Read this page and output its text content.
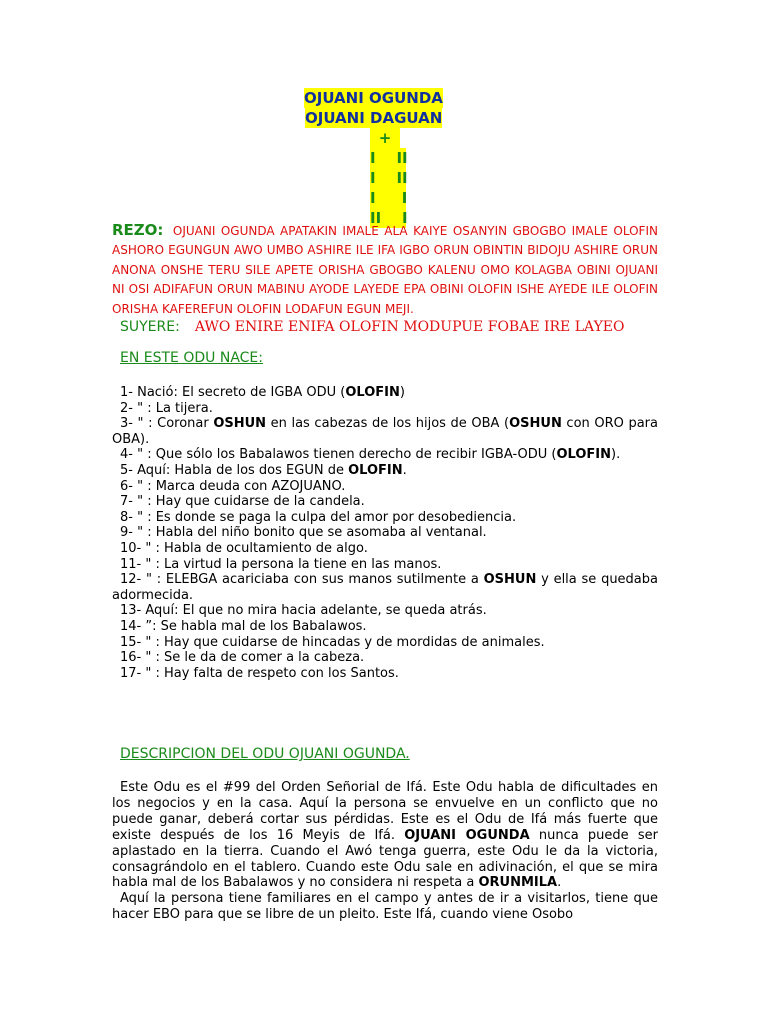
OJUANI OGUNDA
OJUANI DAGUAN
+
I    II
I    II
I     I
II    I
REZO: OJUANI OGUNDA APATAKIN IMALE ALA KAIYE OSANYIN GBOGBO IMALE OLOFIN ASHORO EGUNGUN AWO UMBO ASHIRE ILE IFA IGBO ORUN OBINTIN BIDOJU ASHIRE ORUN ANONA ONSHE TERU SILE APETE ORISHA GBOGBO KALENU OMO KOLAGBA OBINI OJUANI NI OSI ADIFAFUN ORUN MABINU AYODE LAYEDE EPA OBINI OLOFIN ISHE AYEDE ILE OLOFIN ORISHA KAFEREFUN OLOFIN LODAFUN EGUN MEJI.
SUYERE: AWO ENIRE ENIFA OLOFIN MODUPUE FOBAE IRE LAYEO
EN ESTE ODU NACE:
1- Nació: El secreto de IGBA ODU (OLOFIN)
2- " : La tijera.
3- " : Coronar OSHUN en las cabezas de los hijos de OBA (OSHUN con ORO para OBA).
4- " : Que sólo los Babalawos tienen derecho de recibir IGBA-ODU (OLOFIN).
5- Aquí: Habla de los dos EGUN de OLOFIN.
6- " : Marca deuda con AZOJUANO.
7- " : Hay que cuidarse de la candela.
8- " : Es donde se paga la culpa del amor por desobediencia.
9- " : Habla del niño bonito que se asomaba al ventanal.
10- " : Habla de ocultamiento de algo.
11- " : La virtud la persona la tiene en las manos.
12- " : ELEBGA acariciaba con sus manos sutilmente a OSHUN y ella se quedaba adormecida.
13- Aquí: El que no mira hacia adelante, se queda atrás.
14- ”: Se habla mal de los Babalawos.
15- " : Hay que cuidarse de hincadas y de mordidas de animales.
16- " : Se le da de comer a la cabeza.
17- " : Hay falta de respeto con los Santos.
DESCRIPCION DEL ODU OJUANI OGUNDA.
Este Odu es el #99 del Orden Señorial de Ifá. Este Odu habla de dificultades en los negocios y en la casa. Aquí la persona se envuelve en un conflicto que no puede ganar, deberá cortar sus pérdidas. Este es el Odu de Ifá más fuerte que existe después de los 16 Meyis de Ifá. OJUANI OGUNDA nunca puede ser aplastado en la tierra. Cuando el Awó tenga guerra, este Odu le da la victoria, consagrándolo en el tablero. Cuando este Odu sale en adivinación, el que se mira habla mal de los Babalawos y no considera ni respeta a ORUNMILA.
Aquí la persona tiene familiares en el campo y antes de ir a visitarlos, tiene que hacer EBO para que se libre de un pleito. Este Ifá, cuando viene Osobo
